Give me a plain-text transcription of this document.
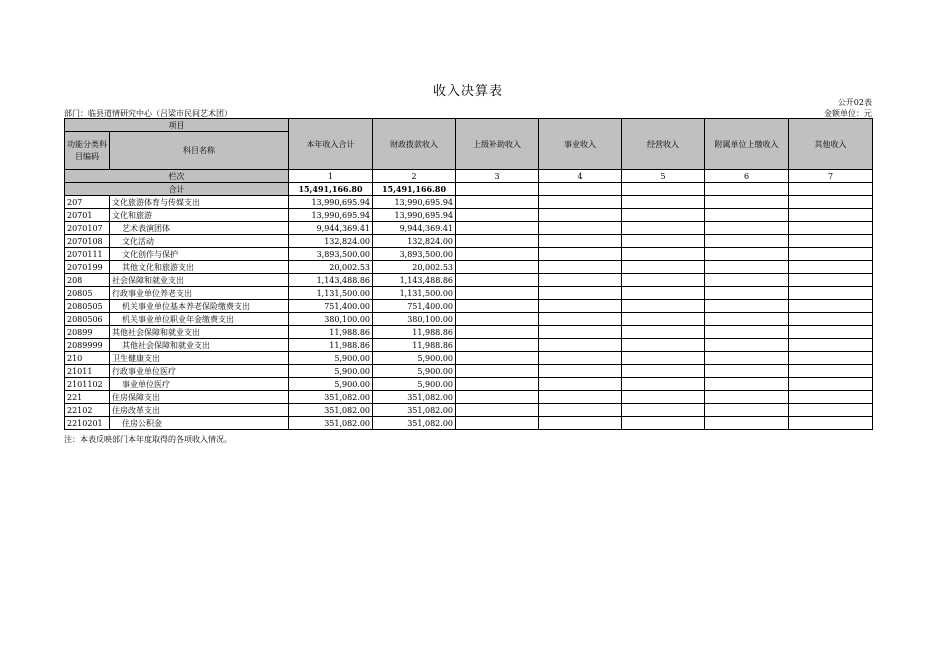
收入决算表
公开02表
部门：临县道情研究中心（吕梁市民间艺术团）	金额单位：元
项目		本年收入合计	财政拨款收入	上级补助收入	事业收入	经营收入	附属单位上缴收入	其他收入
功能分类科目编码	科目名称							

栏次		1	2	3	4	5	6	7
合计		15,491,166.80	15,491,166.80					
207	文化旅游体育与传媒支出	13,990,695.94	13,990,695.94					
20701	文化和旅游	13,990,695.94	13,990,695.94					
2070107	艺术表演团体	9,944,369.41	9,944,369.41					
2070108	文化活动	132,824.00	132,824.00					
2070111	文化创作与保护	3,893,500.00	3,893,500.00					
2070199	其他文化和旅游支出	20,002.53	20,002.53					
208	社会保障和就业支出	1,143,488.86	1,143,488.86					
20805	行政事业单位养老支出	1,131,500.00	1,131,500.00					
2080505	机关事业单位基本养老保险缴费支出	751,400.00	751,400.00					
2080506	机关事业单位职业年金缴费支出	380,100.00	380,100.00					
20899	其他社会保障和就业支出	11,988.86	11,988.86					
2089999	其他社会保障和就业支出	11,988.86	11,988.86					
210	卫生健康支出	5,900.00	5,900.00					
21011	行政事业单位医疗	5,900.00	5,900.00					
2101102	事业单位医疗	5,900.00	5,900.00					
221	住房保障支出	351,082.00	351,082.00					
22102	住房改革支出	351,082.00	351,082.00					
2210201	住房公积金	351,082.00	351,082.00					
注：本表反映部门本年度取得的各项收入情况。
